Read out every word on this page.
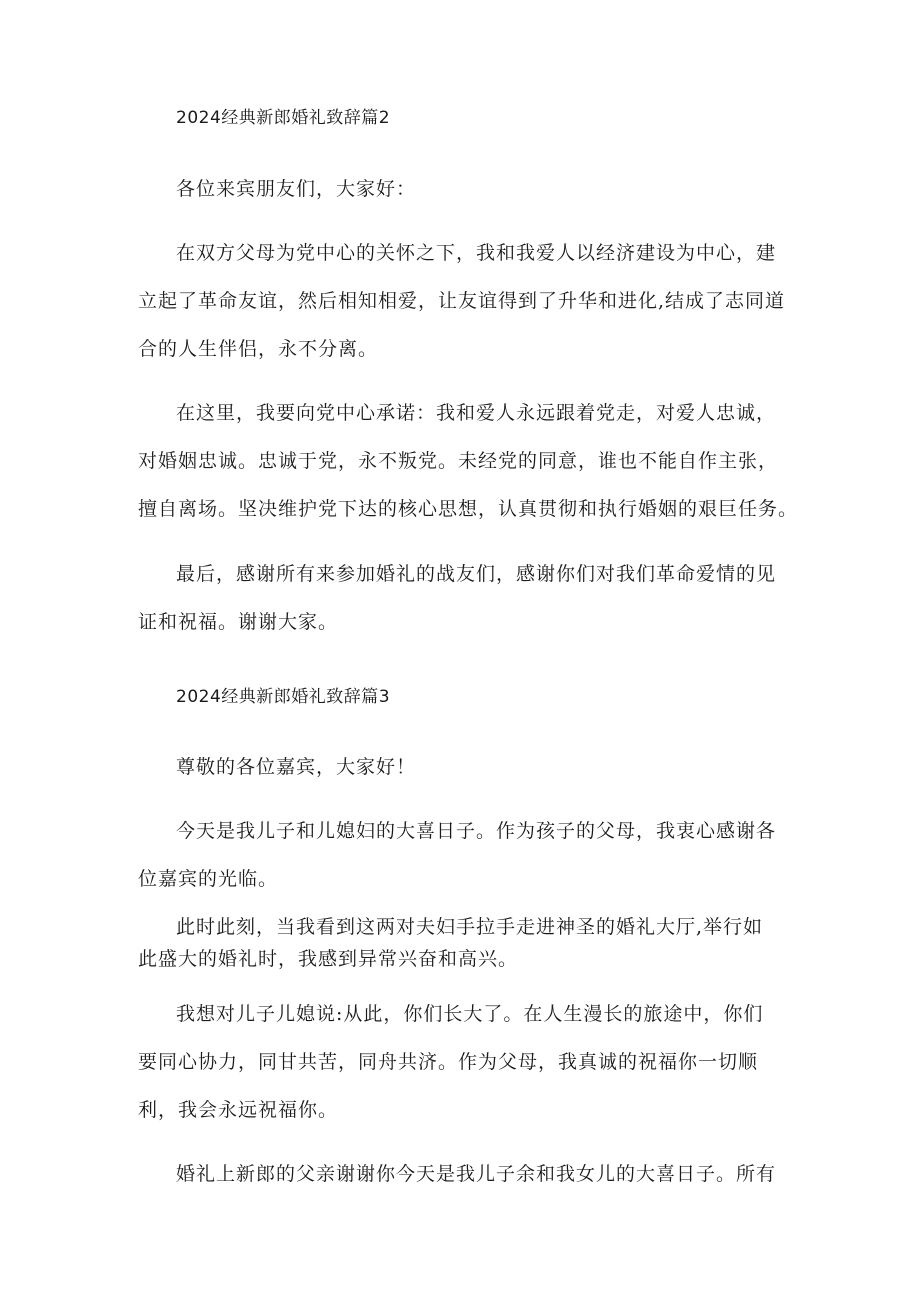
2024经典新郎婚礼致辞篇2
各位来宾朋友们，大家好：
在双方父母为党中心的关怀之下，我和我爱人以经济建设为中心，建
立起了革命友谊，然后相知相爱，让友谊得到了升华和进化,结成了志同道
合的人生伴侣，永不分离。
在这里，我要向党中心承诺：我和爱人永远跟着党走，对爱人忠诚，
对婚姻忠诚。忠诚于党，永不叛党。未经党的同意，谁也不能自作主张，
擅自离场。坚决维护党下达的核心思想，认真贯彻和执行婚姻的艰巨任务。
最后，感谢所有来参加婚礼的战友们，感谢你们对我们革命爱情的见
证和祝福。谢谢大家。
2024经典新郎婚礼致辞篇3
尊敬的各位嘉宾，大家好！
今天是我儿子和儿媳妇的大喜日子。作为孩子的父母，我衷心感谢各
位嘉宾的光临。
此时此刻，当我看到这两对夫妇手拉手走进神圣的婚礼大厅,举行如
此盛大的婚礼时，我感到异常兴奋和高兴。
我想对儿子儿媳说:从此，你们长大了。在人生漫长的旅途中，你们
要同心协力，同甘共苦，同舟共济。作为父母，我真诚的祝福你一切顺
利，我会永远祝福你。
婚礼上新郎的父亲谢谢你今天是我儿子余和我女儿的大喜日子。所有
